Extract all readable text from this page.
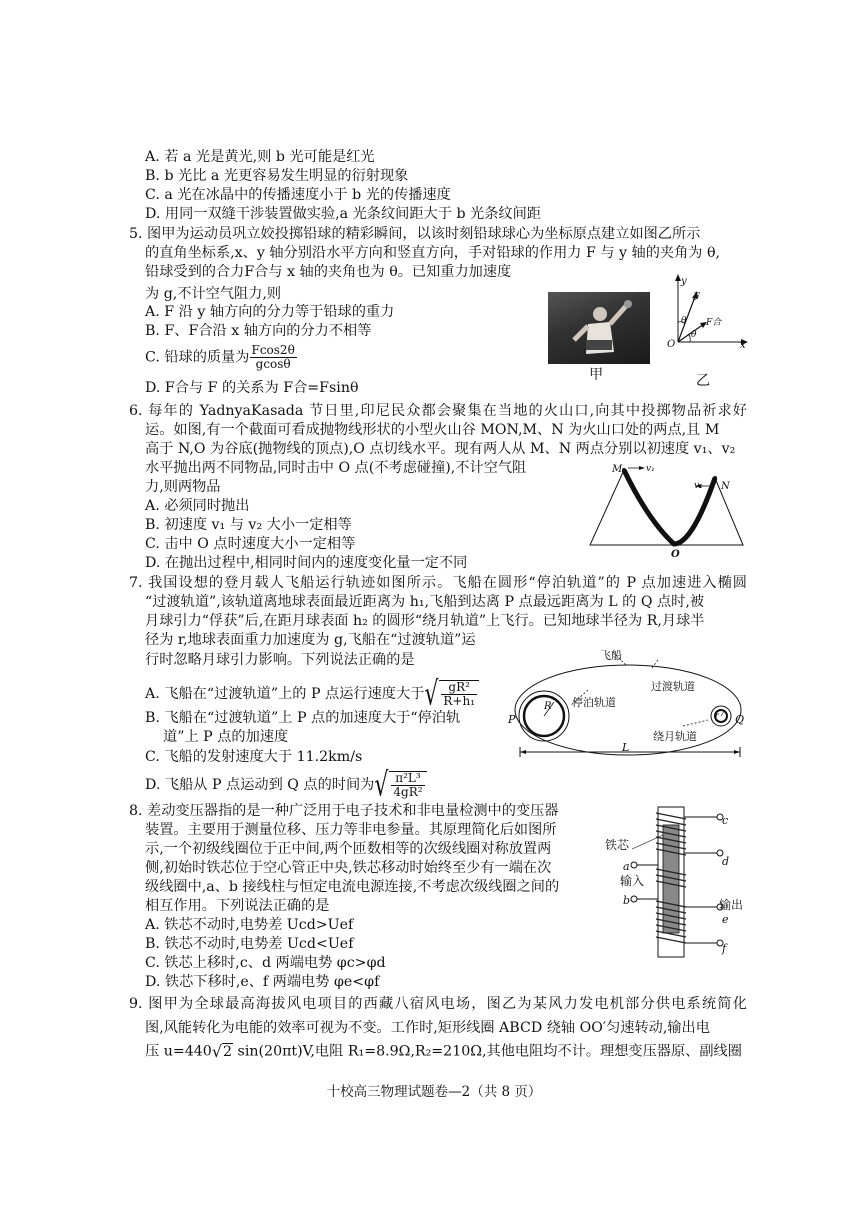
A. 若 a 光是黄光,则 b 光可能是红光
B. b 光比 a 光更容易发生明显的衍射现象
C. a 光在冰晶中的传播速度小于 b 光的传播速度
D. 用同一双缝干涉装置做实验,a 光条纹间距大于 b 光条纹间距
5. 图甲为运动员巩立姣投掷铅球的精彩瞬间，以该时刻铅球球心为坐标原点建立如图乙所示
的直角坐标系,x、y 轴分别沿水平方向和竖直方向，手对铅球的作用力 F 与 y 轴的夹角为 θ,
铅球受到的合力F合与 x 轴的夹角也为 θ。已知重力加速度
为 g,不计空气阻力,则
A. F 沿 y 轴方向的分力等于铅球的重力
B. F、F合沿 x 轴方向的分力不相等
C. 铅球的质量为 $\frac{Fcos2\theta}{gcos\theta}$
D. F合与 F 的关系为 F合=Fsinθ
甲
y
x
O
F
F合
θ
θ
乙
6. 每年的 YadnyaKasada 节日里,印尼民众都会聚集在当地的火山口,向其中投掷物品祈求好
运。如图,有一个截面可看成抛物线形状的小型火山谷 MON,M、N 为火山口处的两点,且 M
高于 N,O 为谷底(抛物线的顶点),O 点切线水平。现有两人从 M、N 两点分别以初速度 v₁、v₂
水平抛出两不同物品,同时击中 O 点(不考虑碰撞),不计空气阻
力,则两物品
A. 必须同时抛出
B. 初速度 v₁ 与 v₂ 大小一定相等
C. 击中 O 点时速度大小一定相等
D. 在抛出过程中,相同时间内的速度变化量一定不同
M
N
O
v₁
v₂
7. 我国设想的登月载人飞船运行轨迹如图所示。飞船在圆形“停泊轨道”的 P 点加速进入椭圆
“过渡轨道”,该轨道离地球表面最近距离为 h₁,飞船到达离 P 点最远距离为 L 的 Q 点时,被
月球引力“俘获”后,在距月球表面 h₂ 的圆形“绕月轨道”上飞行。已知地球半径为 R,月球半
径为 r,地球表面重力加速度为 g,飞船在“过渡轨道”运
行时忽略月球引力影响。下列说法正确的是
A. 飞船在“过渡轨道”上的 P 点运行速度大于√ $\frac{\text{gR²}}{\text{R+h₁}}$
B. 飞船在“过渡轨道”上 P 点的加速度大于“停泊轨
道”上 P 点的加速度
C. 飞船的发射速度大于 11.2km/s
D. 飞船从 P 点运动到 Q 点的时间为√ $\frac{\text{π²L³}}{\text{4gR²}}$
飞船
过渡轨道
停泊轨道
绕月轨道
P	Q
R
r
L
8. 差动变压器指的是一种广泛用于电子技术和非电量检测中的变压器
装置。主要用于测量位移、压力等非电参量。其原理简化后如图所
示,一个初级线圈位于正中间,两个匝数相等的次级线圈对称放置两
侧,初始时铁芯位于空心管正中央,铁芯移动时始终至少有一端在次
级线圈中,a、b 接线柱与恒定电流电源连接,不考虑次级线圈之间的
相互作用。下列说法正确的是
A. 铁芯不动时,电势差 Ucd>Uef
B. 铁芯不动时,电势差 Ucd<Uef
C. 铁芯上移时,c、d 两端电势 φc>φd
D. 铁芯下移时,e、f 两端电势 φe<φf
铁芯
输入
输出
a
b
c
d
e
f
9. 图甲为全球最高海拔风电项目的西藏八宿风电场，图乙为某风力发电机部分供电系统简化
图,风能转化为电能的效率可视为不变。工作时,矩形线圈 ABCD 绕轴 OO′匀速转动,输出电
压 u=440√2 sin(20πt)V,电阻 R₁=8.9Ω,R₂=210Ω,其他电阻均不计。理想变压器原、副线圈
十校高三物理试题卷—2（共 8 页）
